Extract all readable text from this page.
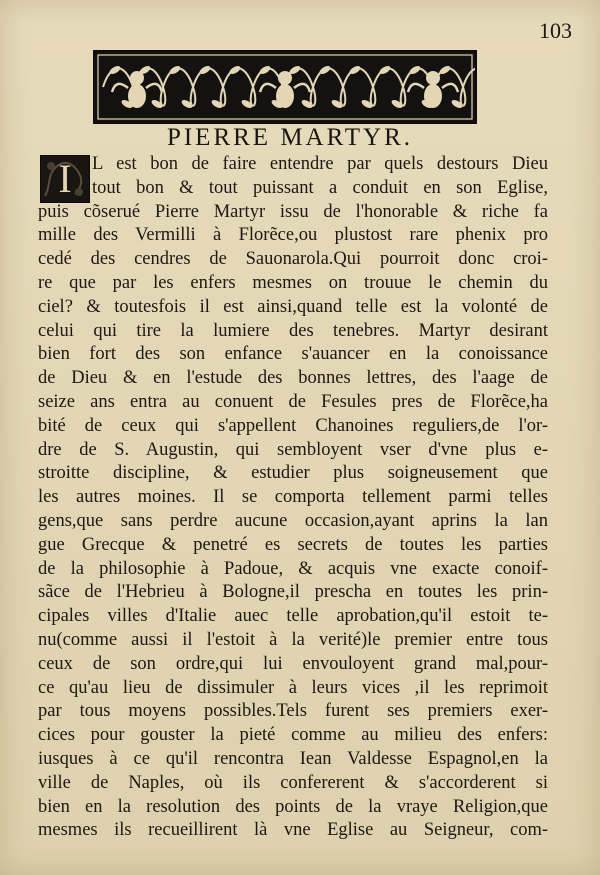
103
PIERRE MARTYR.
I	L est bon de faire entendre par quels destours Dieu
tout bon & tout puissant a conduit en son Eglise,
puis cõserué Pierre Martyr issu de l'honorable & riche fa
mille des Vermilli à Florẽce,ou plustost rare phenix pro
cedé des cendres de Sauonarola.Qui pourroit donc croi-
re que par les enfers mesmes on trouue le chemin du
ciel? & toutesfois il est ainsi,quand telle est la volonté de
celui qui tire la lumiere des tenebres. Martyr desirant
bien fort des son enfance s'auancer en la conoissance
de Dieu & en l'estude des bonnes lettres, des l'aage de
seize ans entra au conuent de Fesules pres de Florẽce,ha
bité de ceux qui s'appellent Chanoines reguliers,de l'or-
dre de S. Augustin, qui sembloyent vser d'vne plus e-
stroitte discipline, & estudier plus soigneusement que
les autres moines. Il se comporta tellement parmi telles
gens,que sans perdre aucune occasion,ayant aprins la lan
gue Grecque & penetré es secrets de toutes les parties
de la philosophie à Padoue, & acquis vne exacte conoif-
sãce de l'Hebrieu à Bologne,il prescha en toutes les prin-
cipales villes d'Italie auec telle aprobation,qu'il estoit te-
nu(comme aussi il l'estoit à la verité)le premier entre tous
ceux de son ordre,qui lui envouloyent grand mal,pour-
ce qu'au lieu de dissimuler à leurs vices ,il les reprimoit
par tous moyens possibles.Tels furent ses premiers exer-
cices pour gouster la pieté comme au milieu des enfers:
iusques à ce qu'il rencontra Iean Valdesse Espagnol,en la
ville de Naples, où ils confererent & s'accorderent si
bien en la resolution des points de la vraye Religion,que
mesmes ils recueillirent là vne Eglise au Seigneur, com-
